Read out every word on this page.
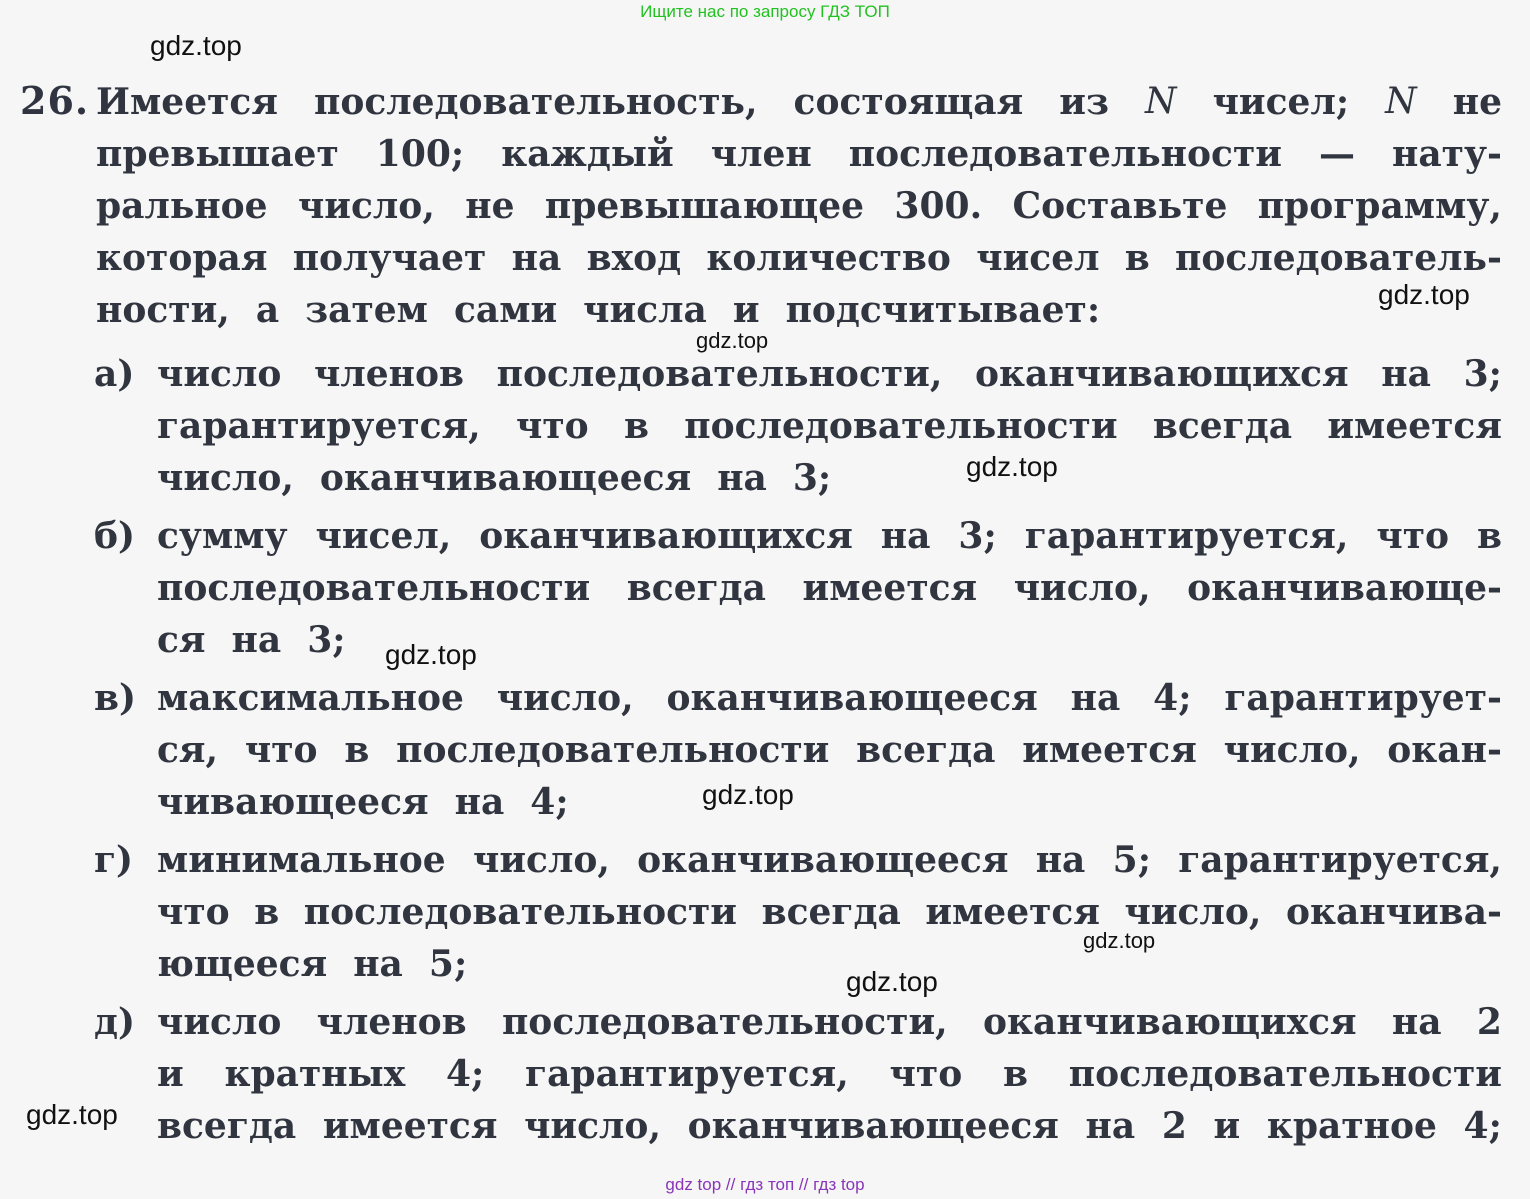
Ищите нас по запросу ГДЗ ТОП
26. Имеется последовательность, состоящая из N чисел; N не
превышает 100; каждый член последовательности — нату-
ральное число, не превышающее 300. Составьте программу,
которая получает на вход количество чисел в последователь-
ности, а затем сами числа и подсчитывает:
а) число членов последовательности, оканчивающихся на 3;
гарантируется, что в последовательности всегда имеется
число, оканчивающееся на 3;
б) сумму чисел, оканчивающихся на 3; гарантируется, что в
последовательности всегда имеется число, оканчивающе-
ся на 3;
в) максимальное число, оканчивающееся на 4; гарантирует-
ся, что в последовательности всегда имеется число, окан-
чивающееся на 4;
г) минимальное число, оканчивающееся на 5; гарантируется,
что в последовательности всегда имеется число, оканчива-
ющееся на 5;
д) число членов последовательности, оканчивающихся на 2
и кратных 4; гарантируется, что в последовательности
всегда имеется число, оканчивающееся на 2 и кратное 4;
gdz.top
gdz.top
gdz.top
gdz.top
gdz.top
gdz.top
gdz.top
gdz.top
gdz.top
gdz top // гдз топ // гдз top
